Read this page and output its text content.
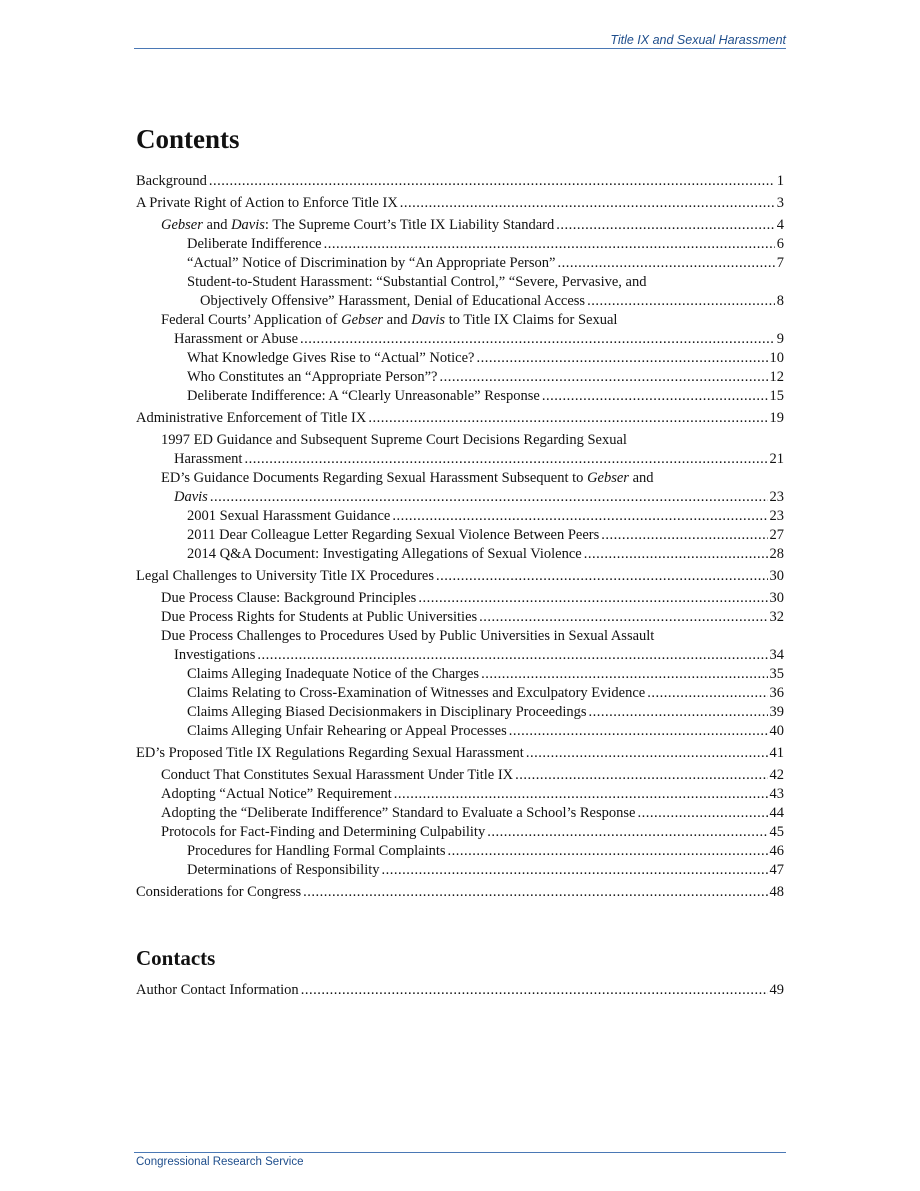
Title IX and Sexual Harassment
Contents
Background .....	1
A Private Right of Action to Enforce Title IX .....	3
Gebser and Davis: The Supreme Court’s Title IX Liability Standard .....	4
Deliberate Indifference .....	6
“Actual” Notice of Discrimination by “An Appropriate Person” .....	7
Student-to-Student Harassment: “Substantial Control,” “Severe, Pervasive, and
Objectively Offensive” Harassment, Denial of Educational Access .....	8
Federal Courts’ Application of Gebser and Davis to Title IX Claims for Sexual
Harassment or Abuse .....	9
What Knowledge Gives Rise to “Actual” Notice? .....	10
Who Constitutes an “Appropriate Person”? .....	12
Deliberate Indifference: A “Clearly Unreasonable” Response .....	15
Administrative Enforcement of Title IX .....	19
1997 ED Guidance and Subsequent Supreme Court Decisions Regarding Sexual
Harassment .....	21
ED’s Guidance Documents Regarding Sexual Harassment Subsequent to Gebser and
Davis .....	23
2001 Sexual Harassment Guidance .....	23
2011 Dear Colleague Letter Regarding Sexual Violence Between Peers .....	27
2014 Q&A Document: Investigating Allegations of Sexual Violence .....	28
Legal Challenges to University Title IX Procedures .....	30
Due Process Clause: Background Principles .....	30
Due Process Rights for Students at Public Universities .....	32
Due Process Challenges to Procedures Used by Public Universities in Sexual Assault
Investigations .....	34
Claims Alleging Inadequate Notice of the Charges .....	35
Claims Relating to Cross-Examination of Witnesses and Exculpatory Evidence .....	36
Claims Alleging Biased Decisionmakers in Disciplinary Proceedings .....	39
Claims Alleging Unfair Rehearing or Appeal Processes .....	40
ED’s Proposed Title IX Regulations Regarding Sexual Harassment .....	41
Conduct That Constitutes Sexual Harassment Under Title IX .....	42
Adopting “Actual Notice” Requirement .....	43
Adopting the “Deliberate Indifference” Standard to Evaluate a School’s Response .....	44
Protocols for Fact-Finding and Determining Culpability .....	45
Procedures for Handling Formal Complaints .....	46
Determinations of Responsibility .....	47
Considerations for Congress .....	48
Contacts
Author Contact Information .....	49
Congressional Research Service
